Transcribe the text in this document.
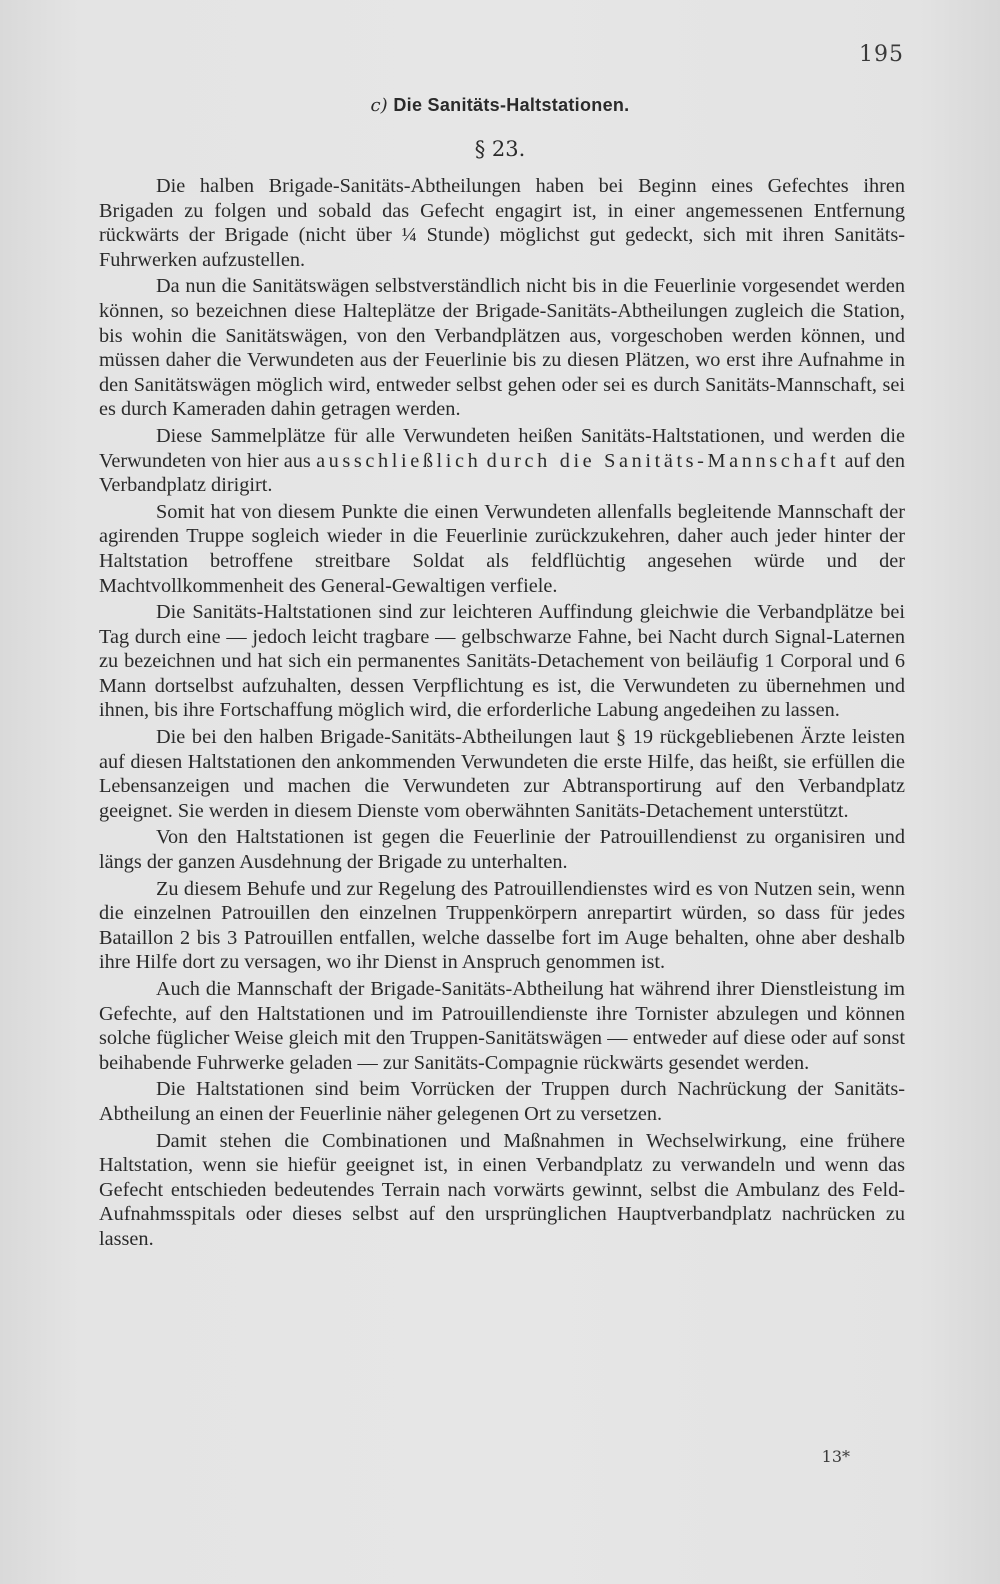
195
c) Die Sanitäts-Haltstationen.
§ 23.

Die halben Brigade-Sanitäts-Abtheilungen haben bei Beginn eines Gefechtes ihren Brigaden zu folgen und sobald das Gefecht engagirt ist, in einer angemessenen Entfernung rückwärts der Brigade (nicht über ¼ Stunde) möglichst gut gedeckt, sich mit ihren Sanitäts-Fuhrwerken aufzustellen.

Da nun die Sanitätswägen selbstverständlich nicht bis in die Feuerlinie vorgesendet werden können, so bezeichnen diese Halteplätze der Brigade-Sanitäts-Abtheilungen zugleich die Station, bis wohin die Sanitätswägen, von den Verbandplätzen aus, vorgeschoben werden können, und müssen daher die Verwundeten aus der Feuerlinie bis zu diesen Plätzen, wo erst ihre Aufnahme in den Sanitätswägen möglich wird, entweder selbst gehen oder sei es durch Sanitäts-Mannschaft, sei es durch Kameraden dahin getragen werden.

Diese Sammelplätze für alle Verwundeten heißen Sanitäts-Haltstationen, und werden die Verwundeten von hier aus ausschließlich durch die Sanitäts-Mannschaft auf den Verbandplatz dirigirt.

Somit hat von diesem Punkte die einen Verwundeten allenfalls begleitende Mannschaft der agirenden Truppe sogleich wieder in die Feuerlinie zurückzukehren, daher auch jeder hinter der Haltstation betroffene streitbare Soldat als feldflüchtig angesehen würde und der Machtvollkommenheit des General-Gewaltigen verfiele.

Die Sanitäts-Haltstationen sind zur leichteren Auffindung gleichwie die Verbandplätze bei Tag durch eine — jedoch leicht tragbare — gelbschwarze Fahne, bei Nacht durch Signal-Laternen zu bezeichnen und hat sich ein permanentes Sanitäts-Detachement von beiläufig 1 Corporal und 6 Mann dortselbst aufzuhalten, dessen Verpflichtung es ist, die Verwundeten zu übernehmen und ihnen, bis ihre Fortschaffung möglich wird, die erforderliche Labung angedeihen zu lassen.

Die bei den halben Brigade-Sanitäts-Abtheilungen laut § 19 rückgebliebenen Ärzte leisten auf diesen Haltstationen den ankommenden Verwundeten die erste Hilfe, das heißt, sie erfüllen die Lebensanzeigen und machen die Verwundeten zur Abtransportirung auf den Verbandplatz geeignet. Sie werden in diesem Dienste vom oberwähnten Sanitäts-Detachement unterstützt.

Von den Haltstationen ist gegen die Feuerlinie der Patrouillendienst zu organisiren und längs der ganzen Ausdehnung der Brigade zu unterhalten.

Zu diesem Behufe und zur Regelung des Patrouillendienstes wird es von Nutzen sein, wenn die einzelnen Patrouillen den einzelnen Truppenkörpern anrepartirt würden, so dass für jedes Bataillon 2 bis 3 Patrouillen entfallen, welche dasselbe fort im Auge behalten, ohne aber deshalb ihre Hilfe dort zu versagen, wo ihr Dienst in Anspruch genommen ist.

Auch die Mannschaft der Brigade-Sanitäts-Abtheilung hat während ihrer Dienstleistung im Gefechte, auf den Haltstationen und im Patrouillendienste ihre Tornister abzulegen und können solche füglicher Weise gleich mit den Truppen-Sanitätswägen — entweder auf diese oder auf sonst beihabende Fuhrwerke geladen — zur Sanitäts-Compagnie rückwärts gesendet werden.

Die Haltstationen sind beim Vorrücken der Truppen durch Nachrückung der Sanitäts-Abtheilung an einen der Feuerlinie näher gelegenen Ort zu versetzen.

Damit stehen die Combinationen und Maßnahmen in Wechselwirkung, eine frühere Haltstation, wenn sie hiefür geeignet ist, in einen Verbandplatz zu verwandeln und wenn das Gefecht entschieden bedeutendes Terrain nach vorwärts gewinnt, selbst die Ambulanz des Feld-Aufnahmsspitals oder dieses selbst auf den ursprünglichen Hauptverbandplatz nachrücken zu lassen.

13*
